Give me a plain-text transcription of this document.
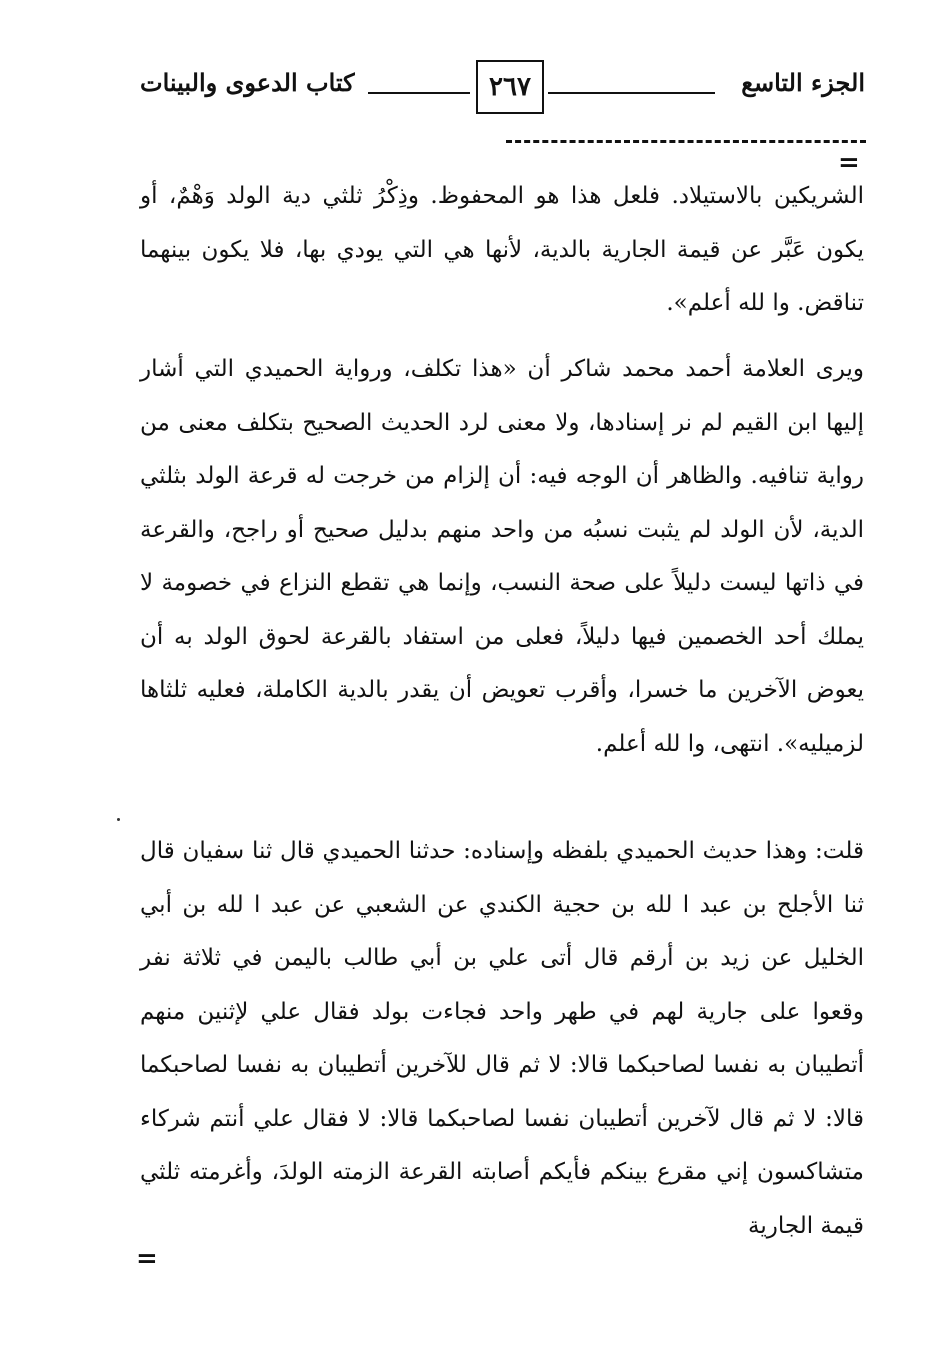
الجزء التاسع
٢٦٧
كتاب الدعوى والبينات
=

الشريكين بالاستيلاد. فلعل هذا هو المحفوظ. وذِكْرُ ثلثي دية الولد وَهْمٌ، أو يكون عَبَّر عن قيمة الجارية بالدية، لأنها هي التي يودي بها، فلا يكون بينهما تناقض. وا لله أعلم».

ويرى العلامة أحمد محمد شاكر أن «هذا تكلف، ورواية الحميدي التي أشار إليها ابن القيم لم نر إسنادها، ولا معنى لرد الحديث الصحيح بتكلف معنى من رواية تنافيه. والظاهر أن الوجه فيه: أن إلزام من خرجت له قرعة الولد بثلثي الدية، لأن الولد لم يثبت نسبُه من واحد منهم بدليل صحيح أو راجح، والقرعة في ذاتها ليست دليلاً على صحة النسب، وإنما هي تقطع النزاع في خصومة لا يملك أحد الخصمين فيها دليلاً، فعلى من استفاد بالقرعة لحوق الولد به أن يعوض الآخرين ما خسرا، وأقرب تعويض أن يقدر بالدية الكاملة، فعليه ثلثاها لزميليه». انتهى، وا لله أعلم.

قلت: وهذا حديث الحميدي بلفظه وإسناده: حدثنا الحميدي قال ثنا سفيان قال ثنا الأجلح بن عبد ا لله بن حجية الكندي عن الشعبي عن عبد ا لله بن أبي الخليل عن زيد بن أرقم قال أتى علي بن أبي طالب باليمن في ثلاثة نفر وقعوا على جارية لهم في طهر واحد فجاءت بولد فقال علي لإثنين منهم أتطيبان به نفسا لصاحبكما قالا: لا ثم قال للآخرين أتطيبان به نفسا لصاحبكما قالا: لا ثم قال لآخرين أتطيبان نفسا لصاحبكما قالا: لا فقال علي أنتم شركاء متشاكسون إني مقرع بينكم فأيكم أصابته القرعة الزمته الولدَ، وأغرمته ثلثي قيمة الجارية

=
